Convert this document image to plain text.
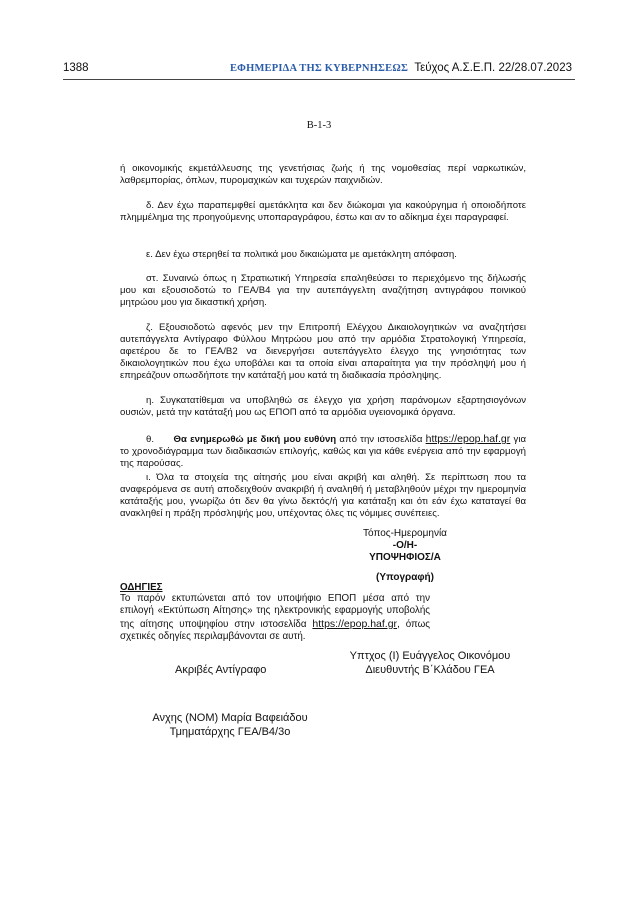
1388	ΕΦΗΜΕΡΙΔΑ ΤΗΣ ΚΥΒΕΡΝΗΣΕΩΣ Τεύχος Α.Σ.Ε.Π. 22/28.07.2023
Β-1-3
ή οικονομικής εκμετάλλευσης της γενετήσιας ζωής ή της νομοθεσίας περί ναρκωτικών, λαθρεμπορίας, όπλων, πυρομαχικών και τυχερών παιχνιδιών.
δ. Δεν έχω παραπεμφθεί αμετάκλητα και δεν διώκομαι για κακούργημα ή οποιοδήποτε πλημμέλημα της προηγούμενης υποπαραγράφου, έστω και αν το αδίκημα έχει παραγραφεί.
ε. Δεν έχω στερηθεί τα πολιτικά μου δικαιώματα με αμετάκλητη απόφαση.
στ. Συναινώ όπως η Στρατιωτική Υπηρεσία επαληθεύσει το περιεχόμενο της δήλωσής μου και εξουσιοδοτώ το ΓΕΑ/Β4 για την αυτεπάγγελτη αναζήτηση αντιγράφου ποινικού μητρώου μου για δικαστική χρήση.
ζ. Εξουσιοδοτώ αφενός μεν την Επιτροπή Ελέγχου Δικαιολογητικών να αναζητήσει αυτεπάγγελτα Αντίγραφο Φύλλου Μητρώου μου από την αρμόδια Στρατολογική Υπηρεσία, αφετέρου δε το ΓΕΑ/Β2 να διενεργήσει αυτεπάγγελτο έλεγχο της γνησιότητας των δικαιολογητικών που έχω υποβάλει και τα οποία είναι απαραίτητα για την πρόσληψή μου ή επηρεάζουν οπωσδήποτε την κατάταξή μου κατά τη διαδικασία πρόσληψης.
η. Συγκατατίθεμαι να υποβληθώ σε έλεγχο για χρήση παράνομων εξαρτησιογόνων ουσιών, μετά την κατάταξή μου ως ΕΠΟΠ από τα αρμόδια υγειονομικά όργανα.
θ. Θα ενημερωθώ με δική μου ευθύνη από την ιστοσελίδα https://epop.haf.gr για το χρονοδιάγραμμα των διαδικασιών επιλογής, καθώς και για κάθε ενέργεια από την εφαρμογή της παρούσας.
ι. Όλα τα στοιχεία της αίτησής μου είναι ακριβή και αληθή. Σε περίπτωση που τα αναφερόμενα σε αυτή αποδειχθούν ανακριβή ή αναληθή ή μεταβληθούν μέχρι την ημερομηνία κατάταξής μου, γνωρίζω ότι δεν θα γίνω δεκτός/ή για κατάταξη και ότι εάν έχω καταταγεί θα ανακληθεί η πράξη πρόσληψής μου, υπέχοντας όλες τις νόμιμες συνέπειες.
Τόπος-Ημερομηνία
-Ο/Η-
ΥΠΟΨΗΦΙΟΣ/Α
(Υπογραφή)
ΟΔΗΓΙΕΣ
Το παρόν εκτυπώνεται από τον υποψήφιο ΕΠΟΠ μέσα από την επιλογή «Εκτύπωση Αίτησης» της ηλεκτρονικής εφαρμογής υποβολής της αίτησης υποψηφίου στην ιστοσελίδα https://epop.haf.gr, όπως σχετικές οδηγίες περιλαμβάνονται σε αυτή.
Υπτχος (Ι) Ευάγγελος Οικονόμου
Ακριβές Αντίγραφο	Διευθυντής Β΄Κλάδου ΓΕΑ
Ανχης (ΝΟΜ) Μαρία Βαφειάδου
Τμηματάρχης ΓΕΑ/Β4/3ο
